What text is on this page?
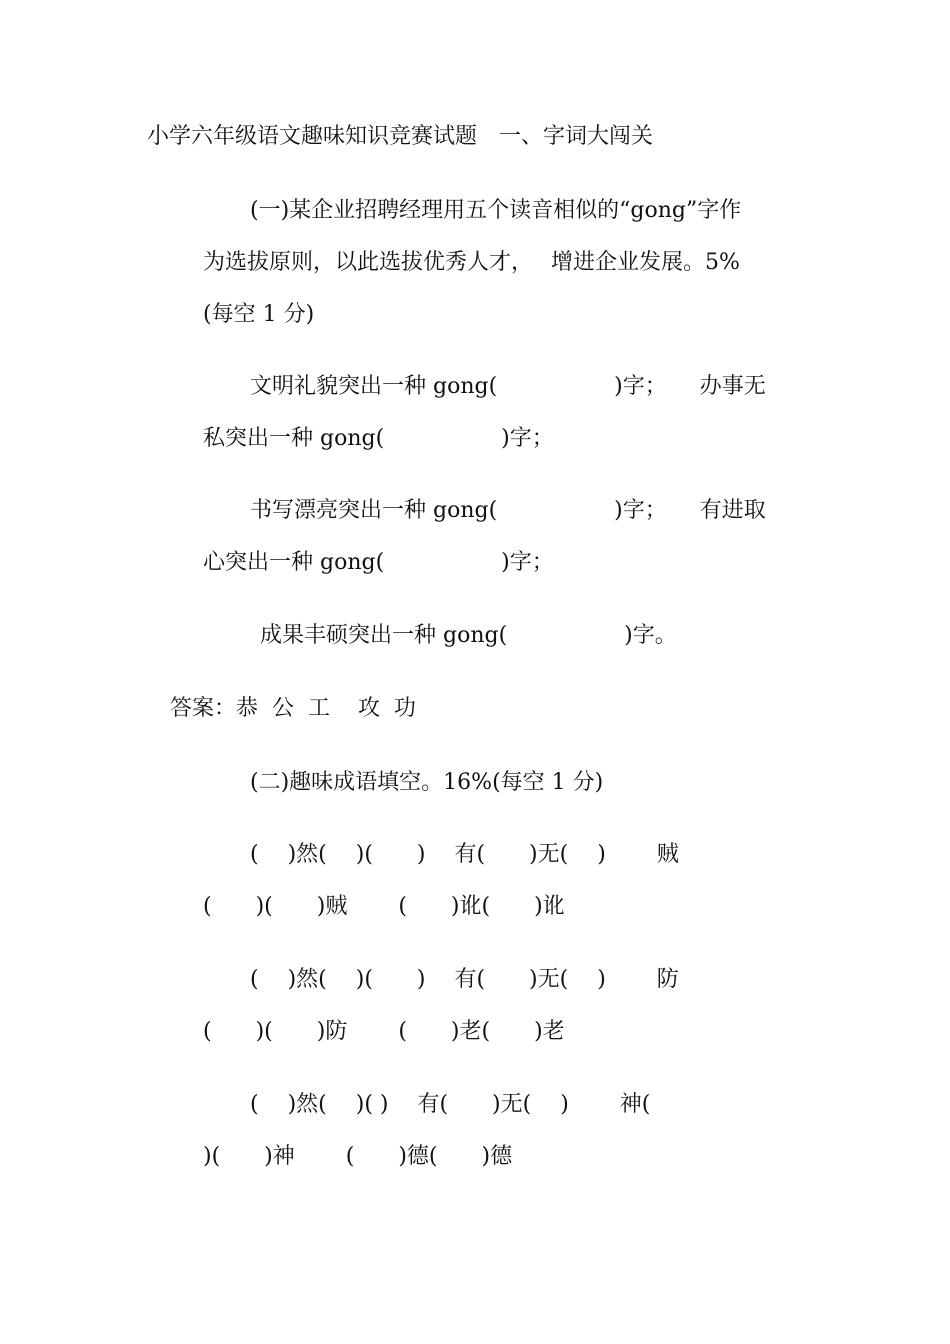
小学六年级语文趣味知识竞赛试题　一、字词大闯关
(一)某企业招聘经理用五个读音相似的“gong”字作
为选拔原则，以此选拔优秀人才，　 增进企业发展。5%
(每空 1 分)
文明礼貌突出一种 gong(　　　　　 )字；　　办事无
私突出一种 gong(　　　　　 )字；
书写漂亮突出一种 gong(　　　　　 )字；　　有进取
心突出一种 gong(　　　　　 )字；
成果丰硕突出一种 gong(　　　　　 )字。
答案：恭  公  工    攻  功
(二)趣味成语填空。16%(每空 1 分)
(　 )然(　 )(　　)　 有(　　)无(　 )　　 贼
(　　)(　　)贼　　 (　　)讹(　　)讹
(　 )然(　 )(　　)　 有(　　)无(　 )　　 防
(　　)(　　)防　　 (　　)老(　　)老
(　 )然(　 )( )　 有(　　)无(　 )　　 神(
)(　　)神　　 (　　)德(　　)德
